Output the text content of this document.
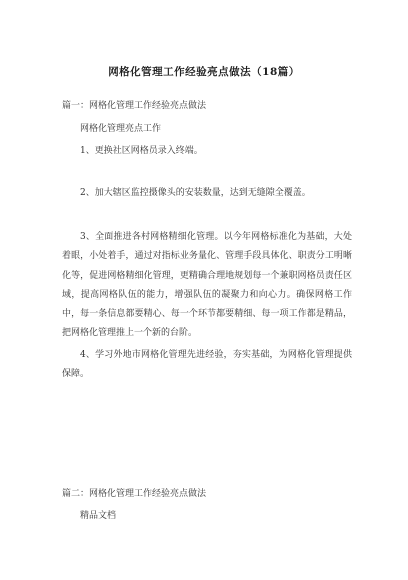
网格化管理工作经验亮点做法（18篇）
篇一：网格化管理工作经验亮点做法
网格化管理亮点工作
1、更换社区网格员录入终端。
2、加大辖区监控摄像头的安装数量，达到无缝隙全覆盖。
3、全面推进各村网格精细化管理。以今年网格标准化为基础，大处着眼，小处着手，通过对指标业务量化、管理手段具体化、职责分工明晰化等，促进网格精细化管理，更精确合理地规划每一个兼职网格员责任区域，提高网格队伍的能力，增强队伍的凝聚力和向心力。确保网格工作中，每一条信息都要精心、每一个环节都要精细、每一项工作都是精品，把网格化管理推上一个新的台阶。
4、学习外地市网格化管理先进经验，夯实基础，为网格化管理提供保障。
篇二：网格化管理工作经验亮点做法
精品文档
